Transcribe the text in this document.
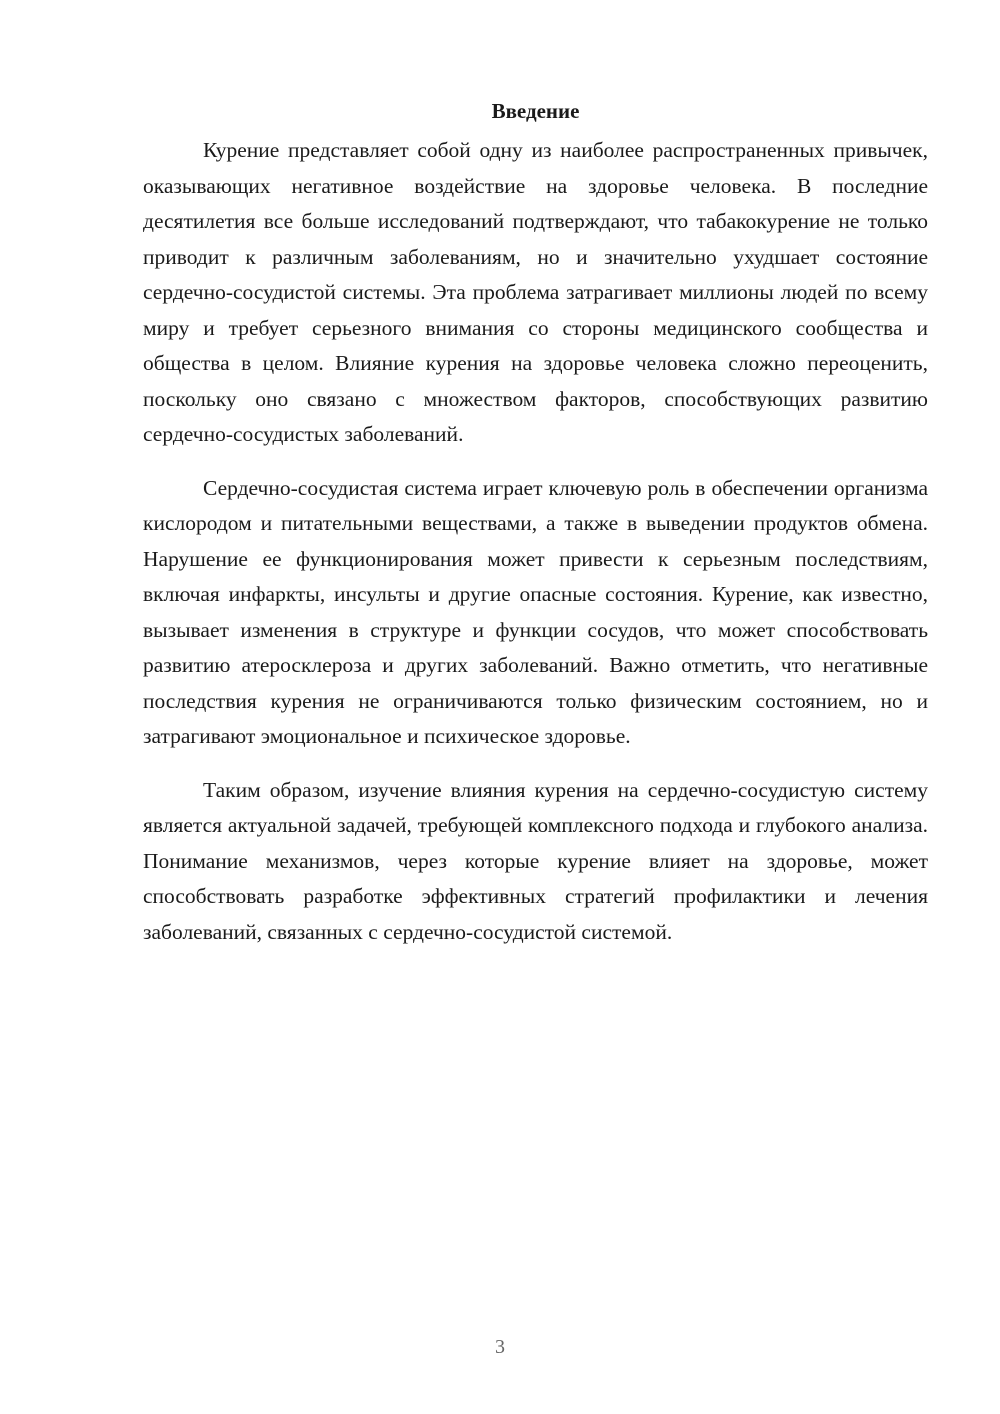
Введение

Курение представляет собой одну из наиболее распространенных привычек, оказывающих негативное воздействие на здоровье человека. В последние десятилетия все больше исследований подтверждают, что табакокурение не только приводит к различным заболеваниям, но и значительно ухудшает состояние сердечно-сосудистой системы. Эта проблема затрагивает миллионы людей по всему миру и требует серьезного внимания со стороны медицинского сообщества и общества в целом. Влияние курения на здоровье человека сложно переоценить, поскольку оно связано с множеством факторов, способствующих развитию сердечно-сосудистых заболеваний.

Сердечно-сосудистая система играет ключевую роль в обеспечении организма кислородом и питательными веществами, а также в выведении продуктов обмена. Нарушение ее функционирования может привести к серьезным последствиям, включая инфаркты, инсульты и другие опасные состояния. Курение, как известно, вызывает изменения в структуре и функции сосудов, что может способствовать развитию атеросклероза и других заболеваний. Важно отметить, что негативные последствия курения не ограничиваются только физическим состоянием, но и затрагивают эмоциональное и психическое здоровье.

Таким образом, изучение влияния курения на сердечно-сосудистую систему является актуальной задачей, требующей комплексного подхода и глубокого анализа. Понимание механизмов, через которые курение влияет на здоровье, может способствовать разработке эффективных стратегий профилактики и лечения заболеваний, связанных с сердечно-сосудистой системой.

3
